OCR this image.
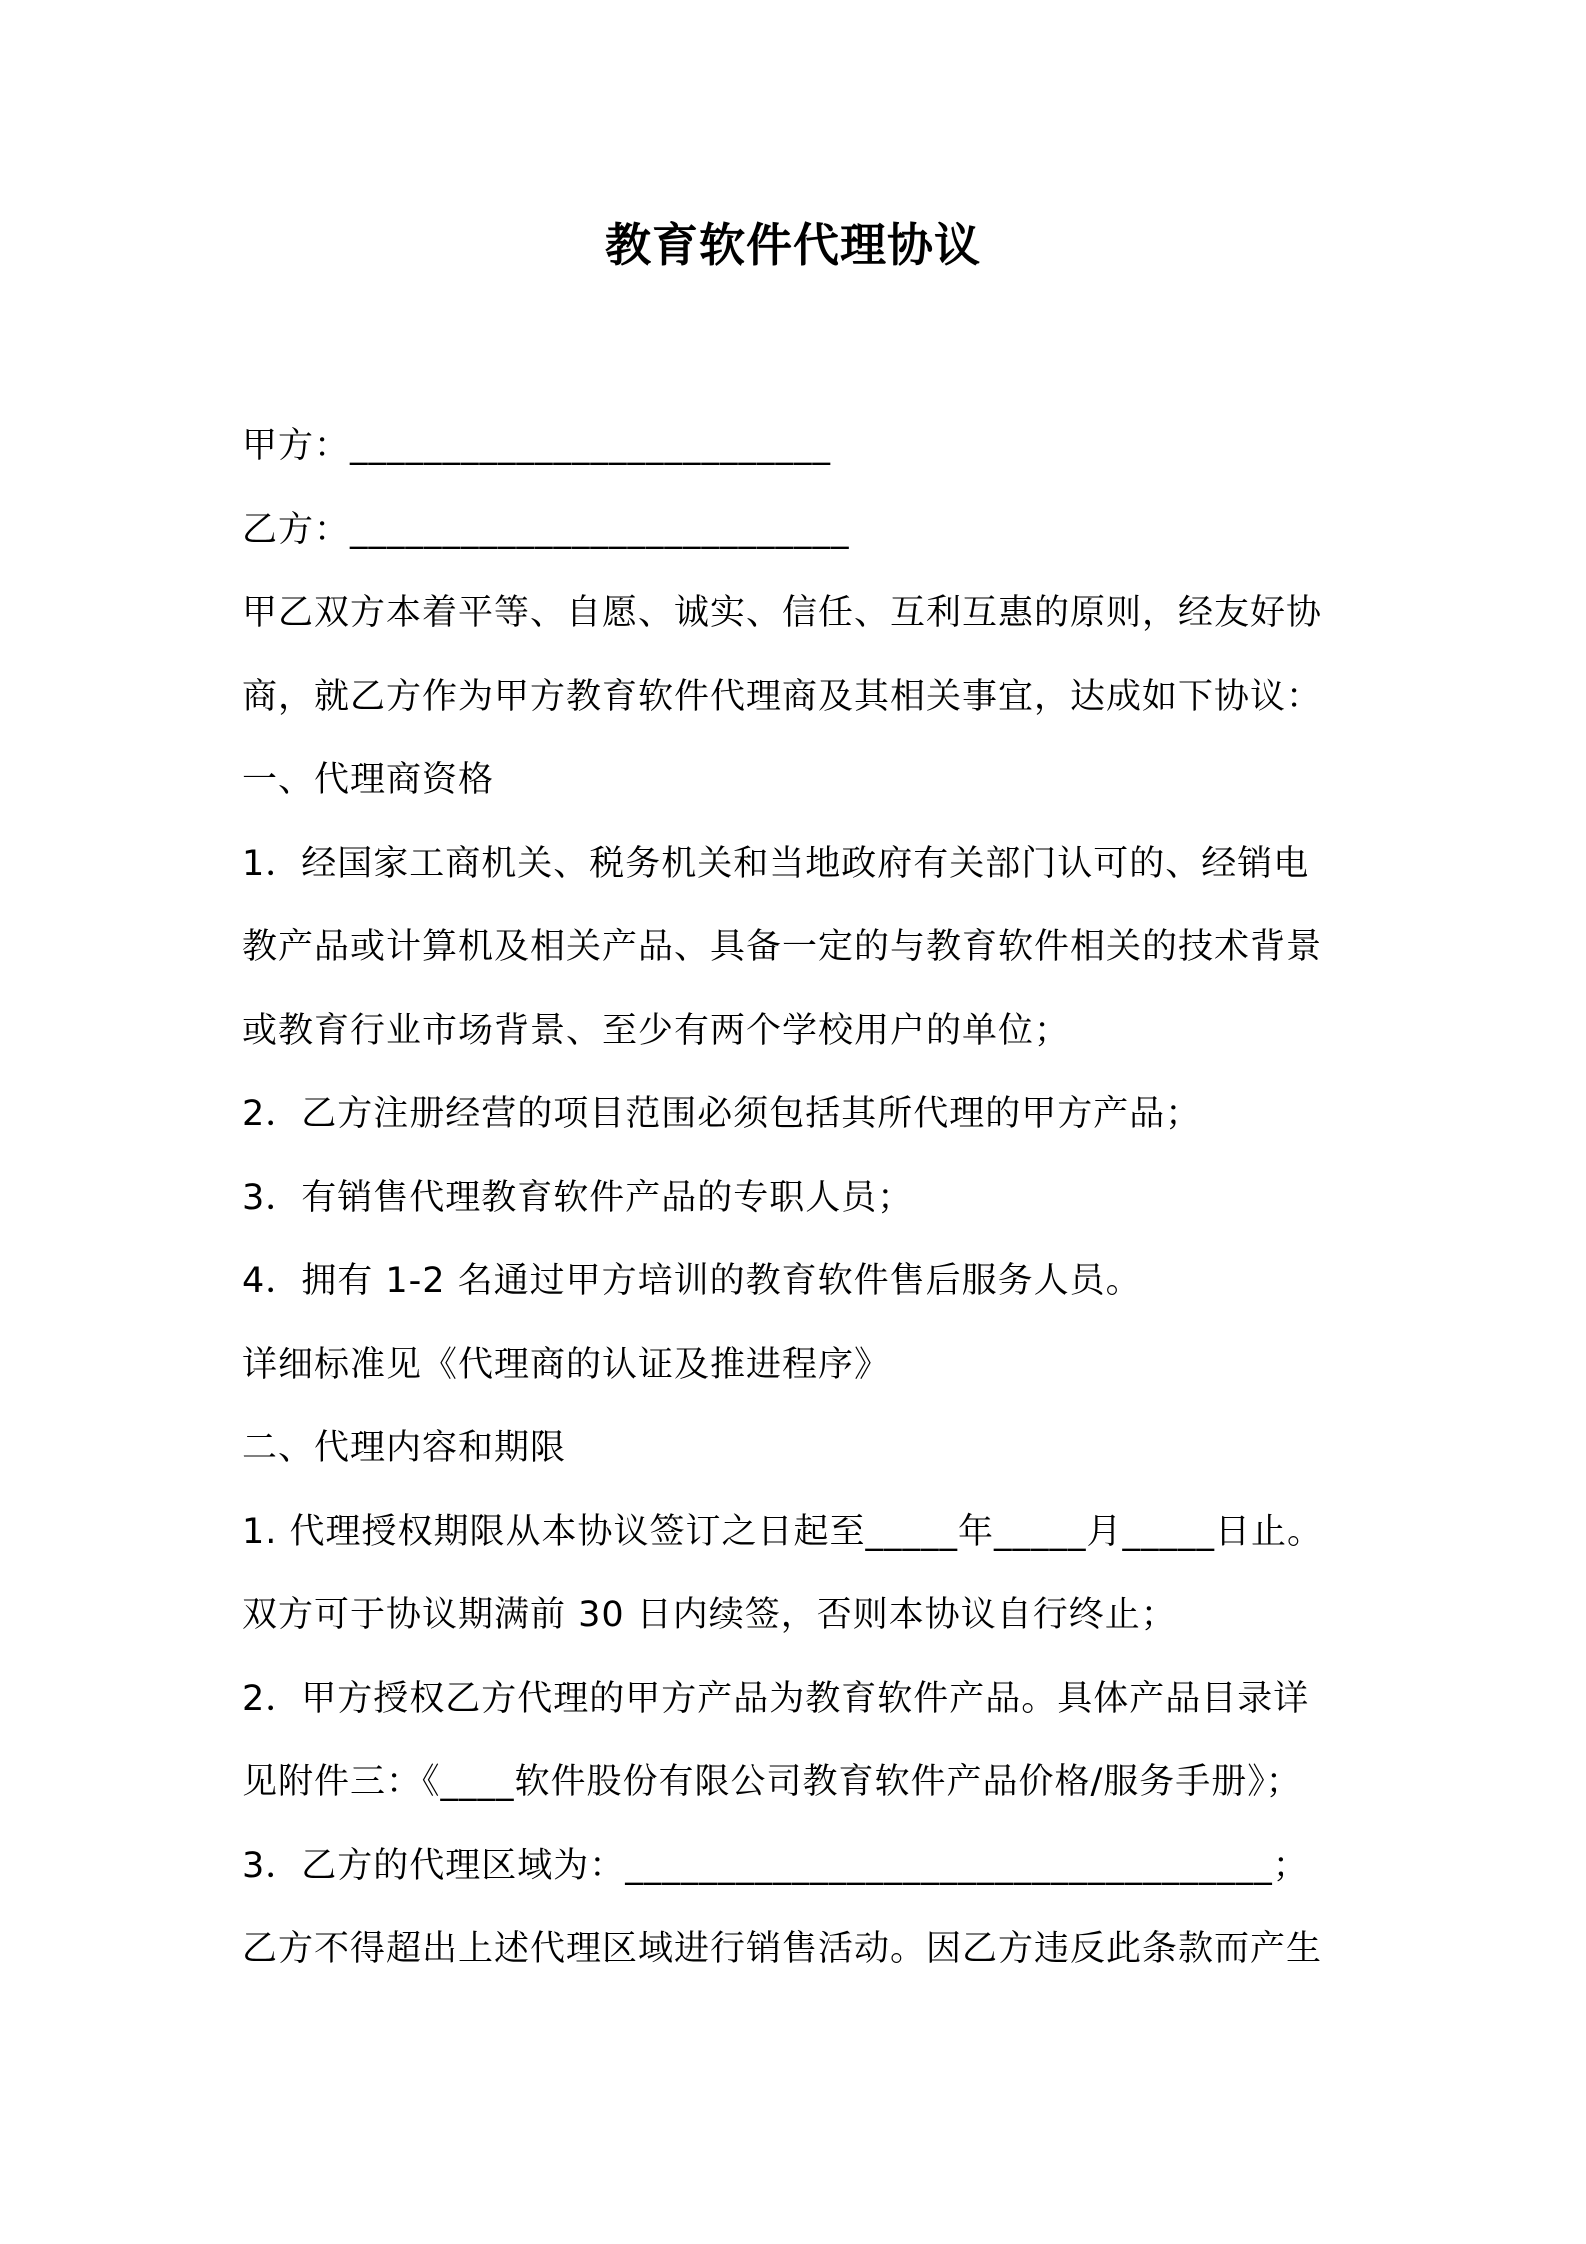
教育软件代理协议
甲方：__________________________
乙方：___________________________
甲乙双方本着平等、自愿、诚实、信任、互利互惠的原则，经友好协
商，就乙方作为甲方教育软件代理商及其相关事宜，达成如下协议：
一、代理商资格
1．经国家工商机关、税务机关和当地政府有关部门认可的、经销电
教产品或计算机及相关产品、具备一定的与教育软件相关的技术背景
或教育行业市场背景、至少有两个学校用户的单位；
2．乙方注册经营的项目范围必须包括其所代理的甲方产品；
3．有销售代理教育软件产品的专职人员；
4．拥有 1-2 名通过甲方培训的教育软件售后服务人员。
详细标准见《代理商的认证及推进程序》
二、代理内容和期限
1. 代理授权期限从本协议签订之日起至_____年_____月_____日止。
双方可于协议期满前 30 日内续签，否则本协议自行终止；
2．甲方授权乙方代理的甲方产品为教育软件产品。具体产品目录详
见附件三：《____软件股份有限公司教育软件产品价格/服务手册》；
3．乙方的代理区域为：___________________________________；
乙方不得超出上述代理区域进行销售活动。因乙方违反此条款而产生
